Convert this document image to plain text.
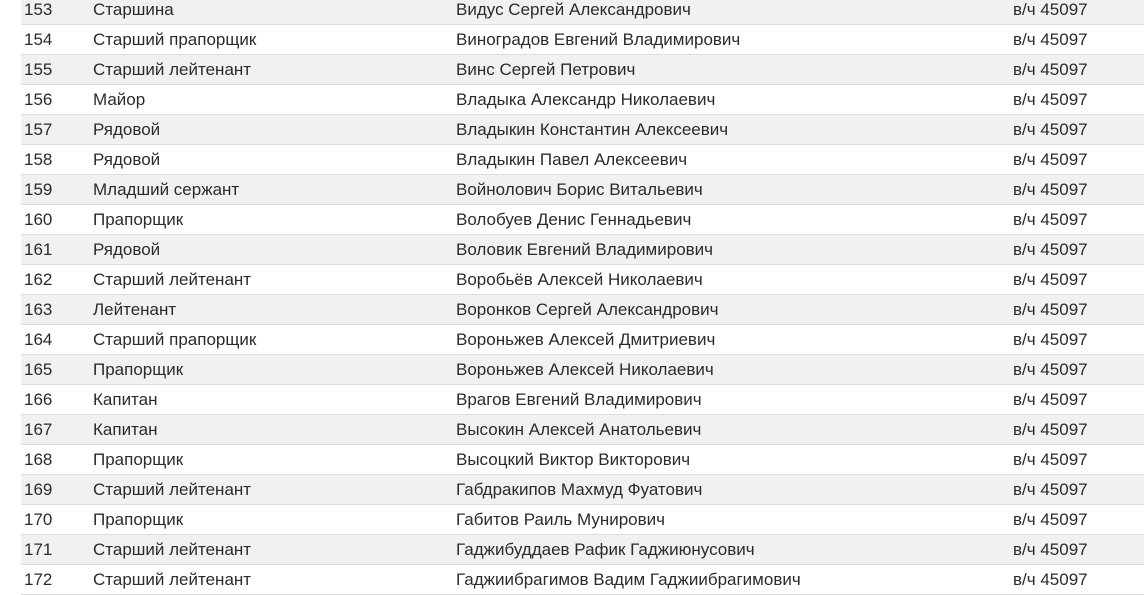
153 Старшина	Видус Сергей Александрович	в/ч 45097
154 Старший прапорщик	Виноградов Евгений Владимирович	в/ч 45097
155 Старший лейтенант	Винс Сергей Петрович	в/ч 45097
156 Майор	Владыка Александр Николаевич	в/ч 45097
157 Рядовой	Владыкин Константин Алексеевич	в/ч 45097
158 Рядовой	Владыкин Павел Алексеевич	в/ч 45097
159 Младший сержант	Войнолович Борис Витальевич	в/ч 45097
160 Прапорщик	Волобуев Денис Геннадьевич	в/ч 45097
161 Рядовой	Воловик Евгений Владимирович	в/ч 45097
162 Старший лейтенант	Воробьёв Алексей Николаевич	в/ч 45097
163 Лейтенант	Воронков Сергей Александрович	в/ч 45097
164 Старший прапорщик	Вороньжев Алексей Дмитриевич	в/ч 45097
165 Прапорщик	Вороньжев Алексей Николаевич	в/ч 45097
166 Капитан	Врагов Евгений Владимирович	в/ч 45097
167 Капитан	Высокин Алексей Анатольевич	в/ч 45097
168 Прапорщик	Высоцкий Виктор Викторович	в/ч 45097
169 Старший лейтенант	Габдракипов Махмуд Фуатович	в/ч 45097
170 Прапорщик	Габитов Раиль Мунирович	в/ч 45097
171 Старший лейтенант	Гаджибуддаев Рафик Гаджиюнусович	в/ч 45097
172 Старший лейтенант	Гаджиибрагимов Вадим Гаджиибрагимович	в/ч 45097
